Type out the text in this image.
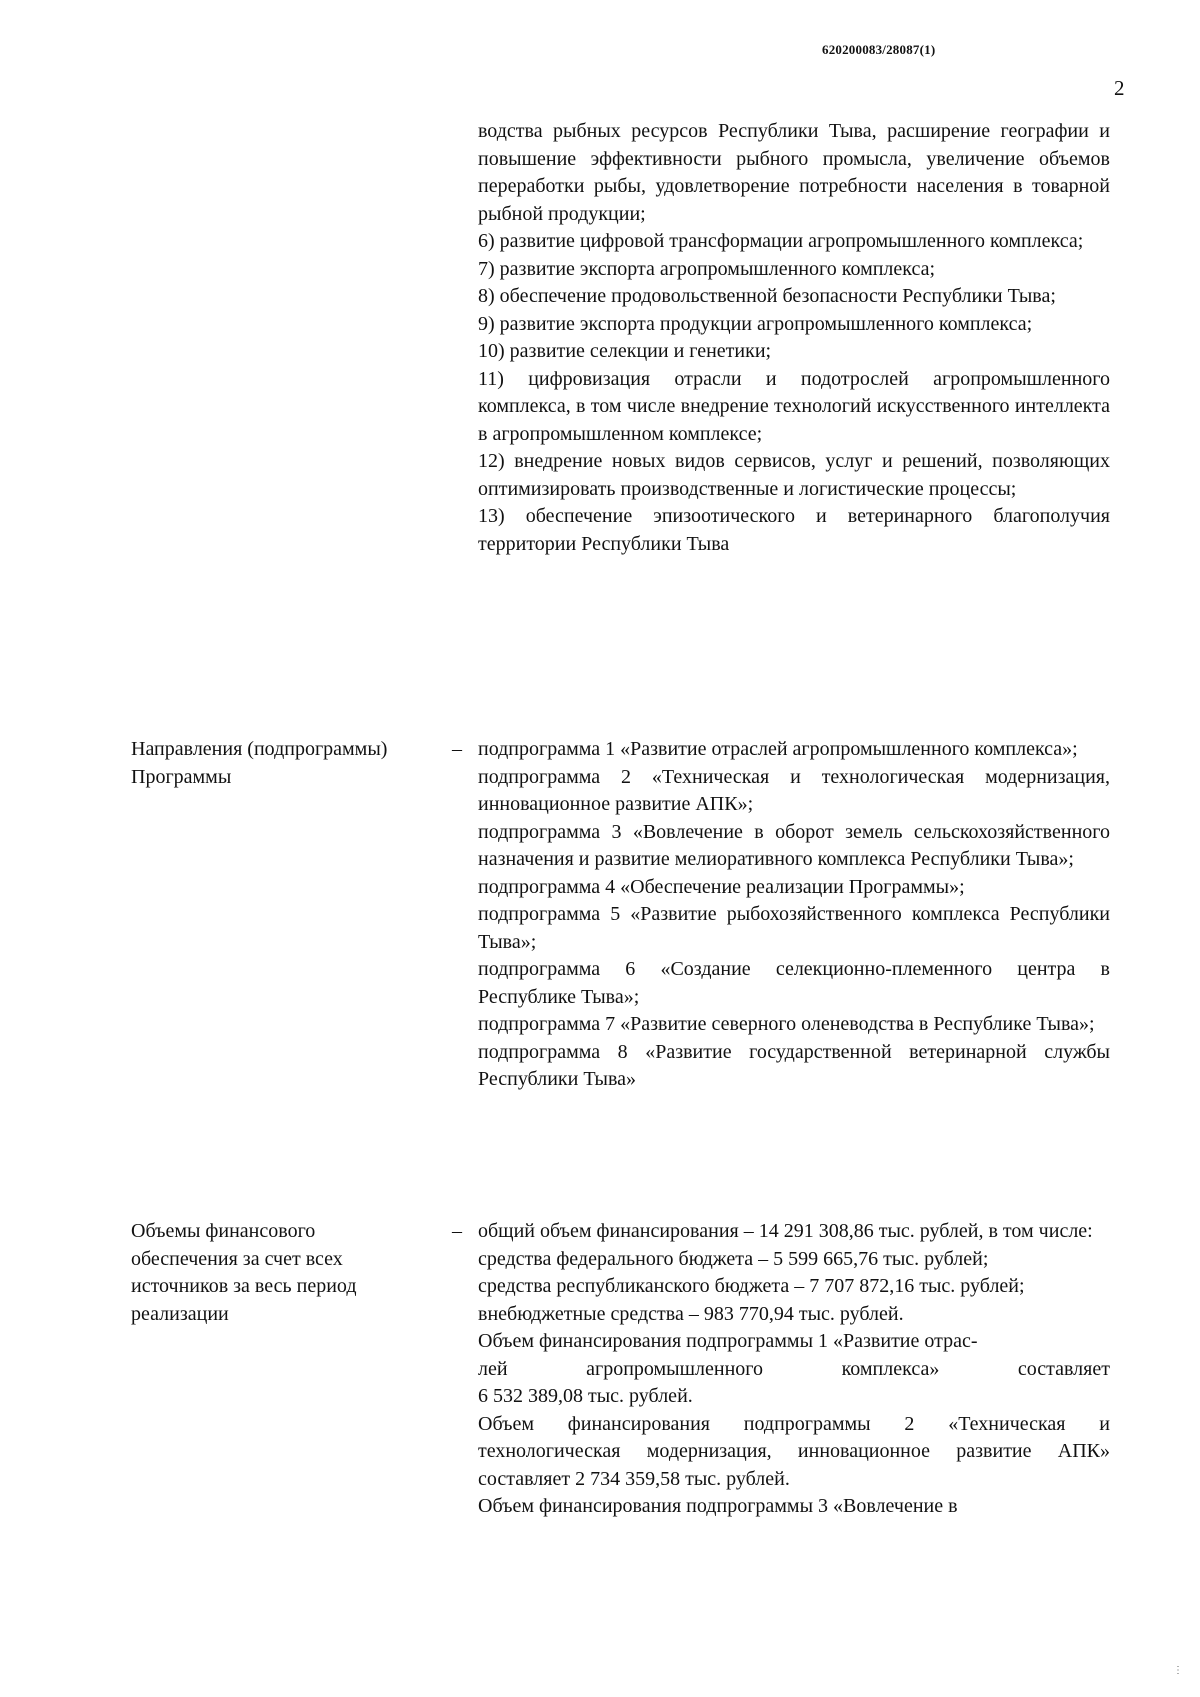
620200083/28087(1)
2

водства рыбных ресурсов Республики Тыва, расширение географии и повышение эффективности рыбного промысла, увеличение объемов переработки рыбы, удовлетворение потребности населения в товарной рыбной продукции;

6) развитие цифровой трансформации агропромышленного комплекса;

7) развитие экспорта агропромышленного комплекса;

8) обеспечение продовольственной безопасности Республики Тыва;

9) развитие экспорта продукции агропромышленного комплекса;

10) развитие селекции и генетики;

11) цифровизация отрасли и подотрослей агропромышленного комплекса, в том числе внедрение технологий искусственного интеллекта в агропромышленном комплексе;

12) внедрение новых видов сервисов, услуг и решений, позволяющих оптимизировать производственные и логистические процессы;

13) обеспечение эпизоотического и ветеринарного благополучия территории Республики Тыва

Направления (подпрограммы) Программы
– подпрограмма 1 «Развитие отраслей агропромышленного комплекса»;

подпрограмма 2 «Техническая и технологическая модернизация, инновационное развитие АПК»;

подпрограмма 3 «Вовлечение в оборот земель сельскохозяйственного назначения и развитие мелиоративного комплекса Республики Тыва»;

подпрограмма 4 «Обеспечение реализации Программы»;

подпрограмма 5 «Развитие рыбохозяйственного комплекса Республики Тыва»;

подпрограмма 6 «Создание селекционно-племенного центра в Республике Тыва»;

подпрограмма 7 «Развитие северного оленеводства в Республике Тыва»;

подпрограмма 8 «Развитие государственной ветеринарной службы Республики Тыва»

Объемы финансового обеспечения за счет всех источников за весь период реализации
– общий объем финансирования – 14 291 308,86 тыс. рублей, в том числе:

средства федерального бюджета – 5 599 665,76 тыс. рублей;

средства республиканского бюджета – 7 707 872,16 тыс. рублей;

внебюджетные средства – 983 770,94 тыс. рублей.

Объем финансирования подпрограммы 1 «Развитие отрас-
лей	агропромышленного	комплекса»	составляет
6 532 389,08 тыс. рублей.

Объем финансирования подпрограммы 2 «Техническая и технологическая модернизация, инновационное развитие АПК» составляет 2 734 359,58 тыс. рублей.

Объем финансирования подпрограммы 3 «Вовлечение в

⋮
